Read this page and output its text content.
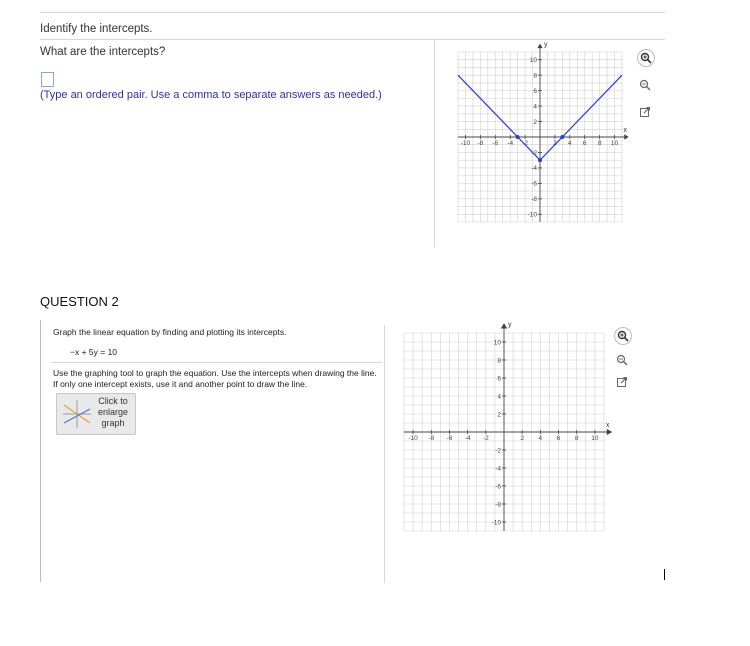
Identify the intercepts.
What are the intercepts?
(Type an ordered pair. Use a comma to separate answers as needed.)
-10 -8 -6 -4 -2	2 4 6 8 10
10
8
6
4
2
-2
-4
-6
-8
-10
x
y
QUESTION 2
Graph the linear equation by finding and plotting its intercepts.
−x + 5y = 10
Use the graphing tool to graph the equation. Use the intercepts when drawing the line. If only one intercept exists, use it and another point to draw the line.
Click to
enlarge
graph
-10 -8 -6 -4 -2	2 4 6 8 10
10
8
6
4
2
-2
-4
-6
-8
-10
x
y
